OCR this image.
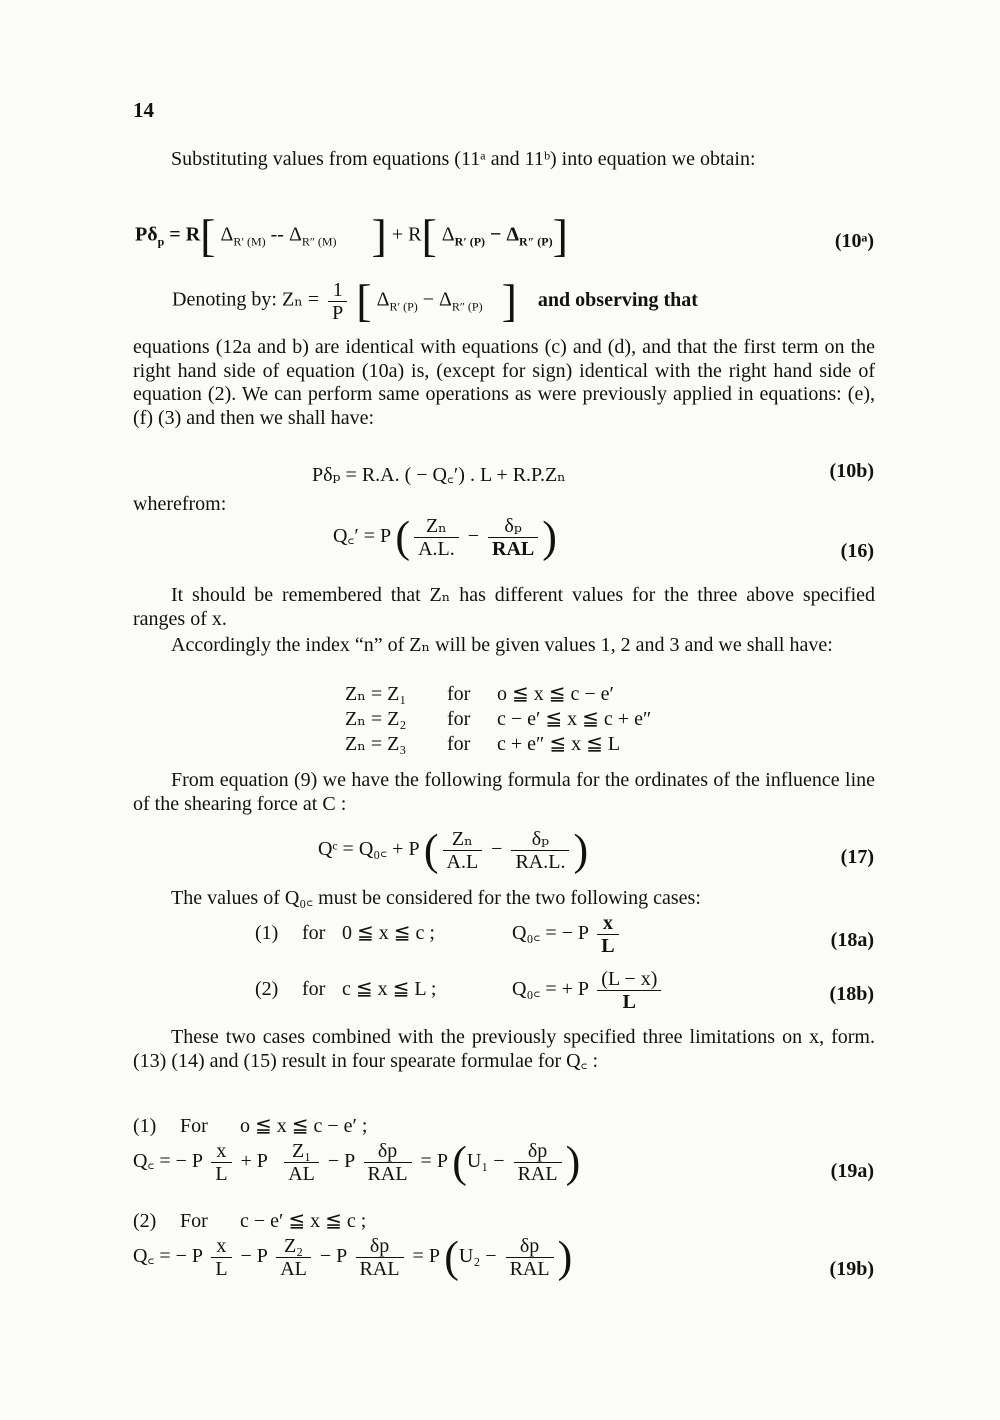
14
Substituting values from equations (11ᵃ and 11ᵇ) into equation we obtain:
$P\delta_p = R$[ $\Delta_{R' (M)} -- \Delta_{R'' (M)}$ ] + R[ $\Delta_{R' (P)} - \Delta_{R'' (P)}$]	(10ᵃ)
Denoting by: $Z_n = \frac{1}{P}$ [ $\Delta_{R' (P)} - \Delta_{R'' (P)}$ ] and observing that
equations (12a and b) are identical with equations (c) and (d), and that the first term on the right hand side of equation (10a) is, (except for sign) identical with the right hand side of equation (2). We can perform same operations as were previously applied in equations: (e), (f) (3) and then we shall have:
Pδₚ = R.A. ( − Q꜀′) . L + R.P.Zₙ	(10b)
wherefrom:
Q꜀′ = P ( $\frac{\text{Zₙ}}{A.L.} - \frac{\text{δₚ}}{\text{RAL}}$ )	(16)
It should be remembered that Zₙ has different values for the three above specified ranges of x.
Accordingly the index “n” of Zₙ will be given values 1, 2 and 3 and we shall have:
Zₙ = Z₁ for o ≦ x ≦ c − e′
Zₙ = Z₂ for c − e′ ≦ x ≦ c + e″
Zₙ = Z₃ for c + e″ ≦ x ≦ L
From equation (9) we have the following formula for the ordinates of the influence line of the shearing force at C :
Qᶜ = Q₀꜀ + P ( $\frac{\text{Zₙ}}{A.L} - \frac{\text{δₚ}}{RA.L.}$ )	(17)
The values of Q₀꜀ must be considered for the two following cases:
(1) for 0 ≦ x ≦ c ;	Q₀꜀ = − P $\frac{x}{L}$	(18a)
(2) for c ≦ x ≦ L ;	Q₀꜀ = + P $\frac{(L - x)}{L}$	(18b)
These two cases combined with the previously specified three limitations on x, form. (13) (14) and (15) result in four spearate formulae for Q꜀ :
(1) For o ≦ x ≦ c − e′ ;
Q꜀ = − P $\frac{x}{L} + P \frac{\text{Z₁}}{AL} - P \frac{\delta p}{\text{RAL}} = P$ ($U_1 - \frac{\delta p}{\text{RAL}}$ )	(19a)
(2) For c − e′ ≦ x ≦ c ;
Q꜀ = − P $\frac{x}{L} - P \frac{\text{Z₂}}{AL} - P \frac{\delta p}{\text{RAL}} = P$ ($U_2 - \frac{\delta p}{\text{RAL}}$ )	(19b)
